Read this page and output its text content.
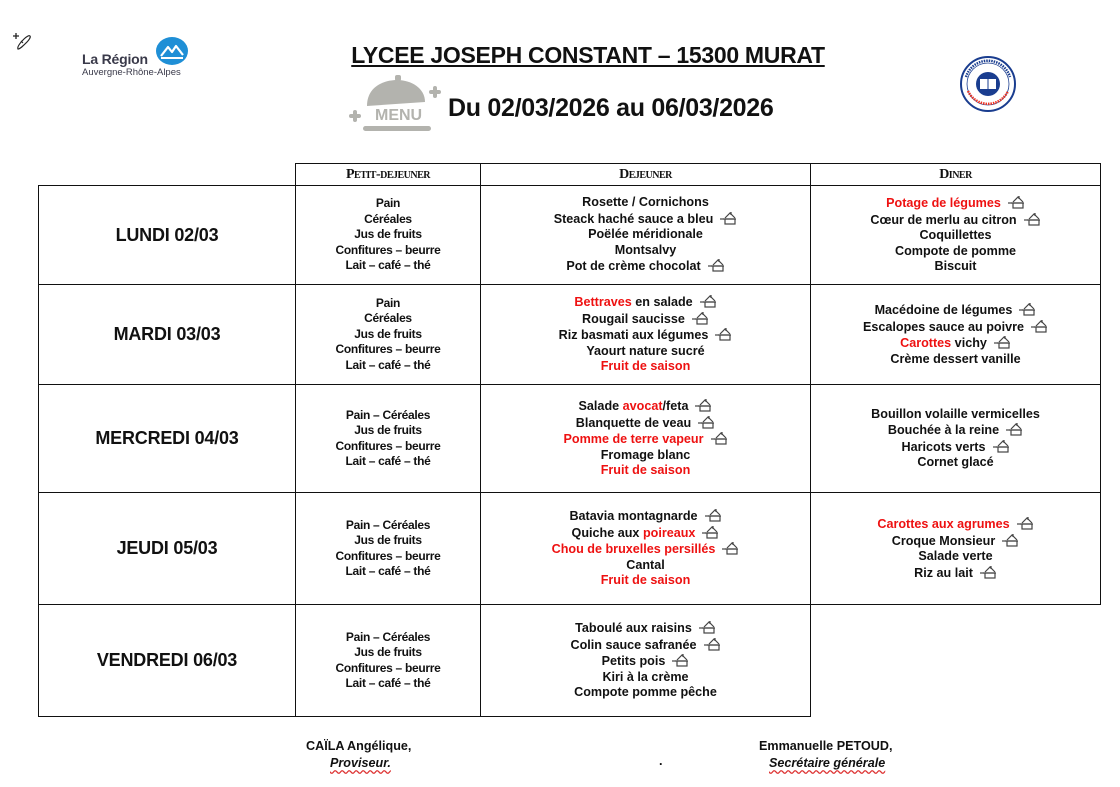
La Région
Auvergne-Rhône-Alpes
LYCEE JOSEPH CONSTANT – 15300 MURAT
MENU Du 02/03/2026 au 06/03/2026
	Petit-dejeuner	Dejeuner	Diner
LUNDI 02/03	Pain
Céréales
Jus de fruits
Confitures – beurre
Lait – café – thé	Rosette / Cornichons
Steack haché sauce a bleu
Poëlée méridionale
Montsalvy
Pot de crème chocolat	Potage de légumes
Cœur de merlu au citron
Coquillettes
Compote de pomme
Biscuit

MARDI 03/03	Pain
Céréales
Jus de fruits
Confitures – beurre
Lait – café – thé	Bettraves en salade
Rougail saucisse
Riz basmati aux légumes
Yaourt nature sucré
Fruit de saison	Macédoine de légumes
Escalopes sauce au poivre
Carottes vichy
Crème dessert vanille

MERCREDI 04/03	Pain – Céréales
Jus de fruits
Confitures – beurre
Lait – café – thé	Salade avocat/feta
Blanquette de veau
Pomme de terre vapeur
Fromage blanc
Fruit de saison	Bouillon volaille vermicelles
Bouchée à la reine
Haricots verts
Cornet glacé

JEUDI 05/03	Pain – Céréales
Jus de fruits
Confitures – beurre
Lait – café – thé	Batavia montagnarde
Quiche aux poireaux
Chou de bruxelles persillés
Cantal
Fruit de saison	Carottes aux agrumes
Croque Monsieur
Salade verte
Riz au lait

VENDREDI 06/03	Pain – Céréales
Jus de fruits
Confitures – beurre
Lait – café – thé	Taboulé aux raisins
Colin sauce safranée
Petits pois
Kiri à la crème
Compote pomme pêche	

CAÏLA Angélique,
Proviseur.	.
Emmanuelle PETOUD,
Secrétaire générale
